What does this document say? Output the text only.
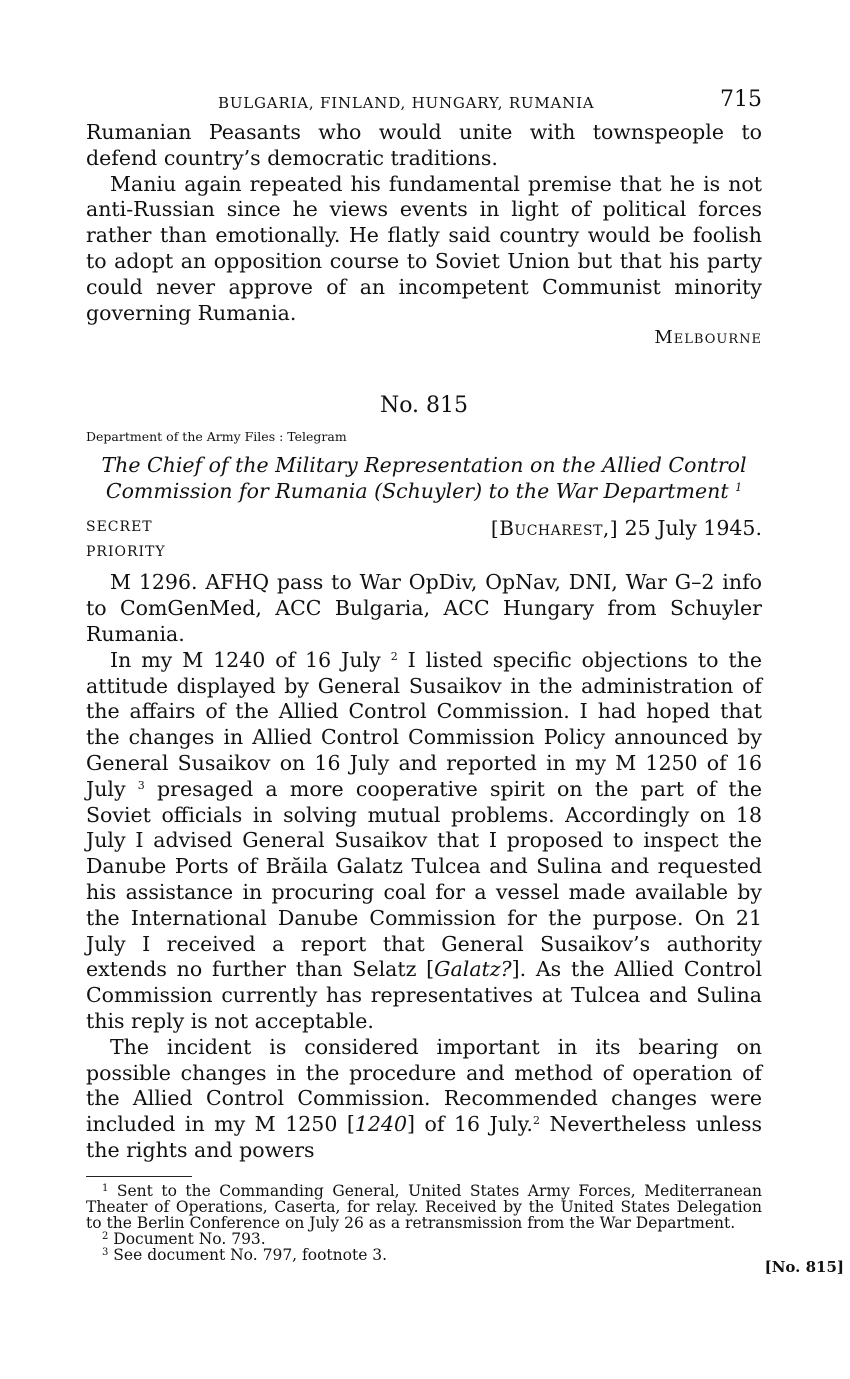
BULGARIA, FINLAND, HUNGARY, RUMANIA	715

Rumanian Peasants who would unite with townspeople to defend country’s democratic traditions.

Maniu again repeated his fundamental premise that he is not anti-Russian since he views events in light of political forces rather than emotionally. He flatly said country would be foolish to adopt an opposition course to Soviet Union but that his party could never approve of an incompetent Communist minority governing Rumania.

Melbourne
No. 815
Department of the Army Files : Telegram
The Chief of the Military Representation on the Allied Control Commission for Rumania (Schuyler) to the War Department $^1$
SECRET
PRIORITY
[Bucharest,] 25 July 1945.

M 1296. AFHQ pass to War OpDiv, OpNav, DNI, War G–2 info to ComGenMed, ACC Bulgaria, ACC Hungary from Schuyler Rumania.

In my M 1240 of 16 July $^2$ I listed specific objections to the attitude displayed by General Susaikov in the administration of the affairs of the Allied Control Commission. I had hoped that the changes in Allied Control Commission Policy announced by General Susaikov on 16 July and reported in my M 1250 of 16 July $^3$ presaged a more cooperative spirit on the part of the Soviet officials in solving mutual problems. Accordingly on 18 July I advised General Susaikov that I proposed to inspect the Danube Ports of Brăila Galatz Tulcea and Sulina and requested his assistance in procuring coal for a vessel made available by the International Danube Commission for the purpose. On 21 July I received a report that General Susaikov’s authority extends no further than Selatz [Galatz?]. As the Allied Control Commission currently has representatives at Tulcea and Sulina this reply is not acceptable.

The incident is considered important in its bearing on possible changes in the procedure and method of operation of the Allied Control Commission. Recommended changes were included in my M 1250 [1240] of 16 July.$^2$ Nevertheless unless the rights and powers

$^1$ Sent to the Commanding General, United States Army Forces, Mediterranean Theater of Operations, Caserta, for relay. Received by the United States Delegation to the Berlin Conference on July 26 as a retransmission from the War Department.

$^2$ Document No. 793.

$^3$ See document No. 797, footnote 3.

[No. 815]
